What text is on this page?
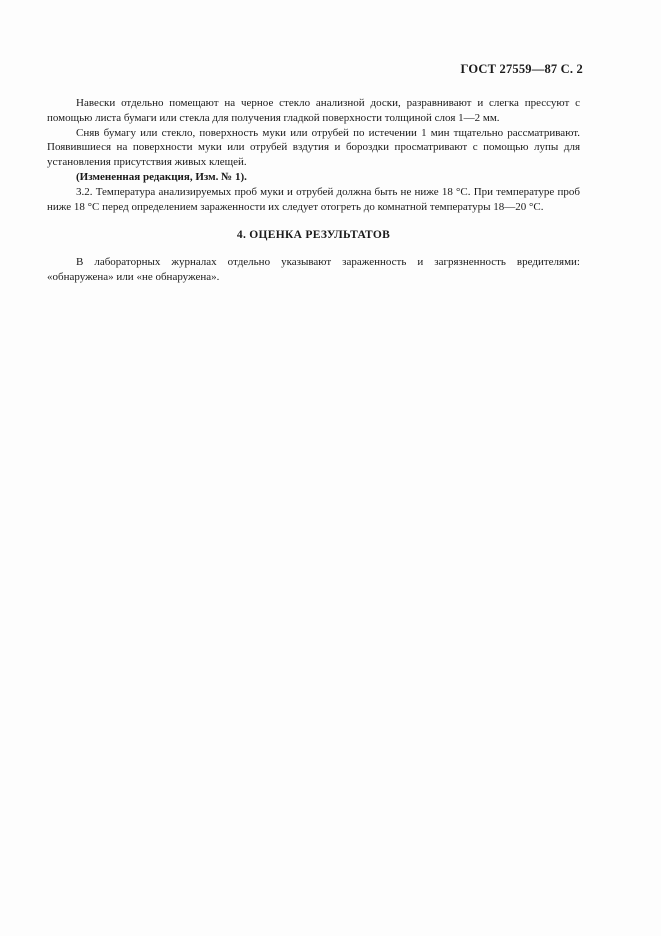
ГОСТ 27559—87 С. 2

Навески отдельно помещают на черное стекло анализной доски, разравнивают и слегка прессуют с помощью листа бумаги или стекла для получения гладкой поверхности толщиной слоя 1—2 мм.

Сняв бумагу или стекло, поверхность муки или отрубей по истечении 1 мин тщательно рассматривают. Появившиеся на поверхности муки или отрубей вздутия и бороздки просматривают с помощью лупы для установления присутствия живых клещей.

(Измененная редакция, Изм. № 1).

3.2. Температура анализируемых проб муки и отрубей должна быть не ниже 18 °С. При температуре проб ниже 18 °С перед определением зараженности их следует отогреть до комнатной температуры 18—20 °С.

4. ОЦЕНКА РЕЗУЛЬТАТОВ

В лабораторных журналах отдельно указывают зараженность и загрязненность вредителями: «обнаружена» или «не обнаружена».
